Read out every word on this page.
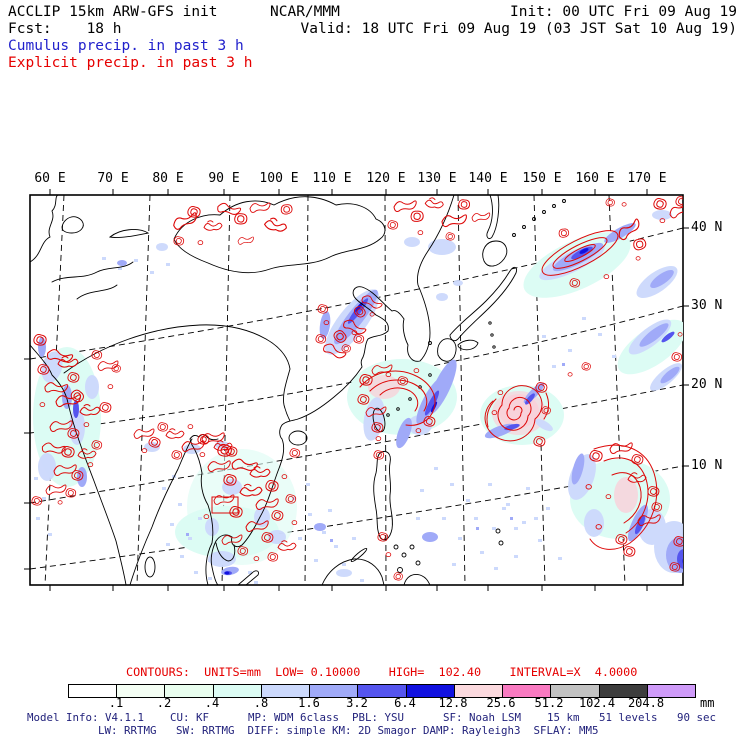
ACCLIP 15km ARW-GFS init	NCAR/MMM	Init: 00 UTC Fri 09 Aug 19
Fcst:    18 h	Valid: 18 UTC Fri 09 Aug 19 (03 JST Sat 10 Aug 19)
Cumulus precip. in past 3 h
Explicit precip. in past 3 h
60 E 70 E 80 E 90 E 100 E 110 E 120 E 130 E 140 E 150 E 160 E 170 E
40 N
30 N
20 N
10 N
CONTOURS:  UNITS=mm  LOW= 0.10000    HIGH=  102.40    INTERVAL=X  4.0000
.1	.2	.4	.8 1.6 3.2 6.4 12.8 25.6 51.2 102.4 204.8	mm
Model Info: V4.1.1    CU: KF      MP: WDM 6class  PBL: YSU      SF: Noah LSM    15 km   51 levels   90 sec
LW: RRTMG   SW: RRTMG  DIFF: simple KM: 2D Smagor DAMP: Rayleigh3  SFLAY: MM5
